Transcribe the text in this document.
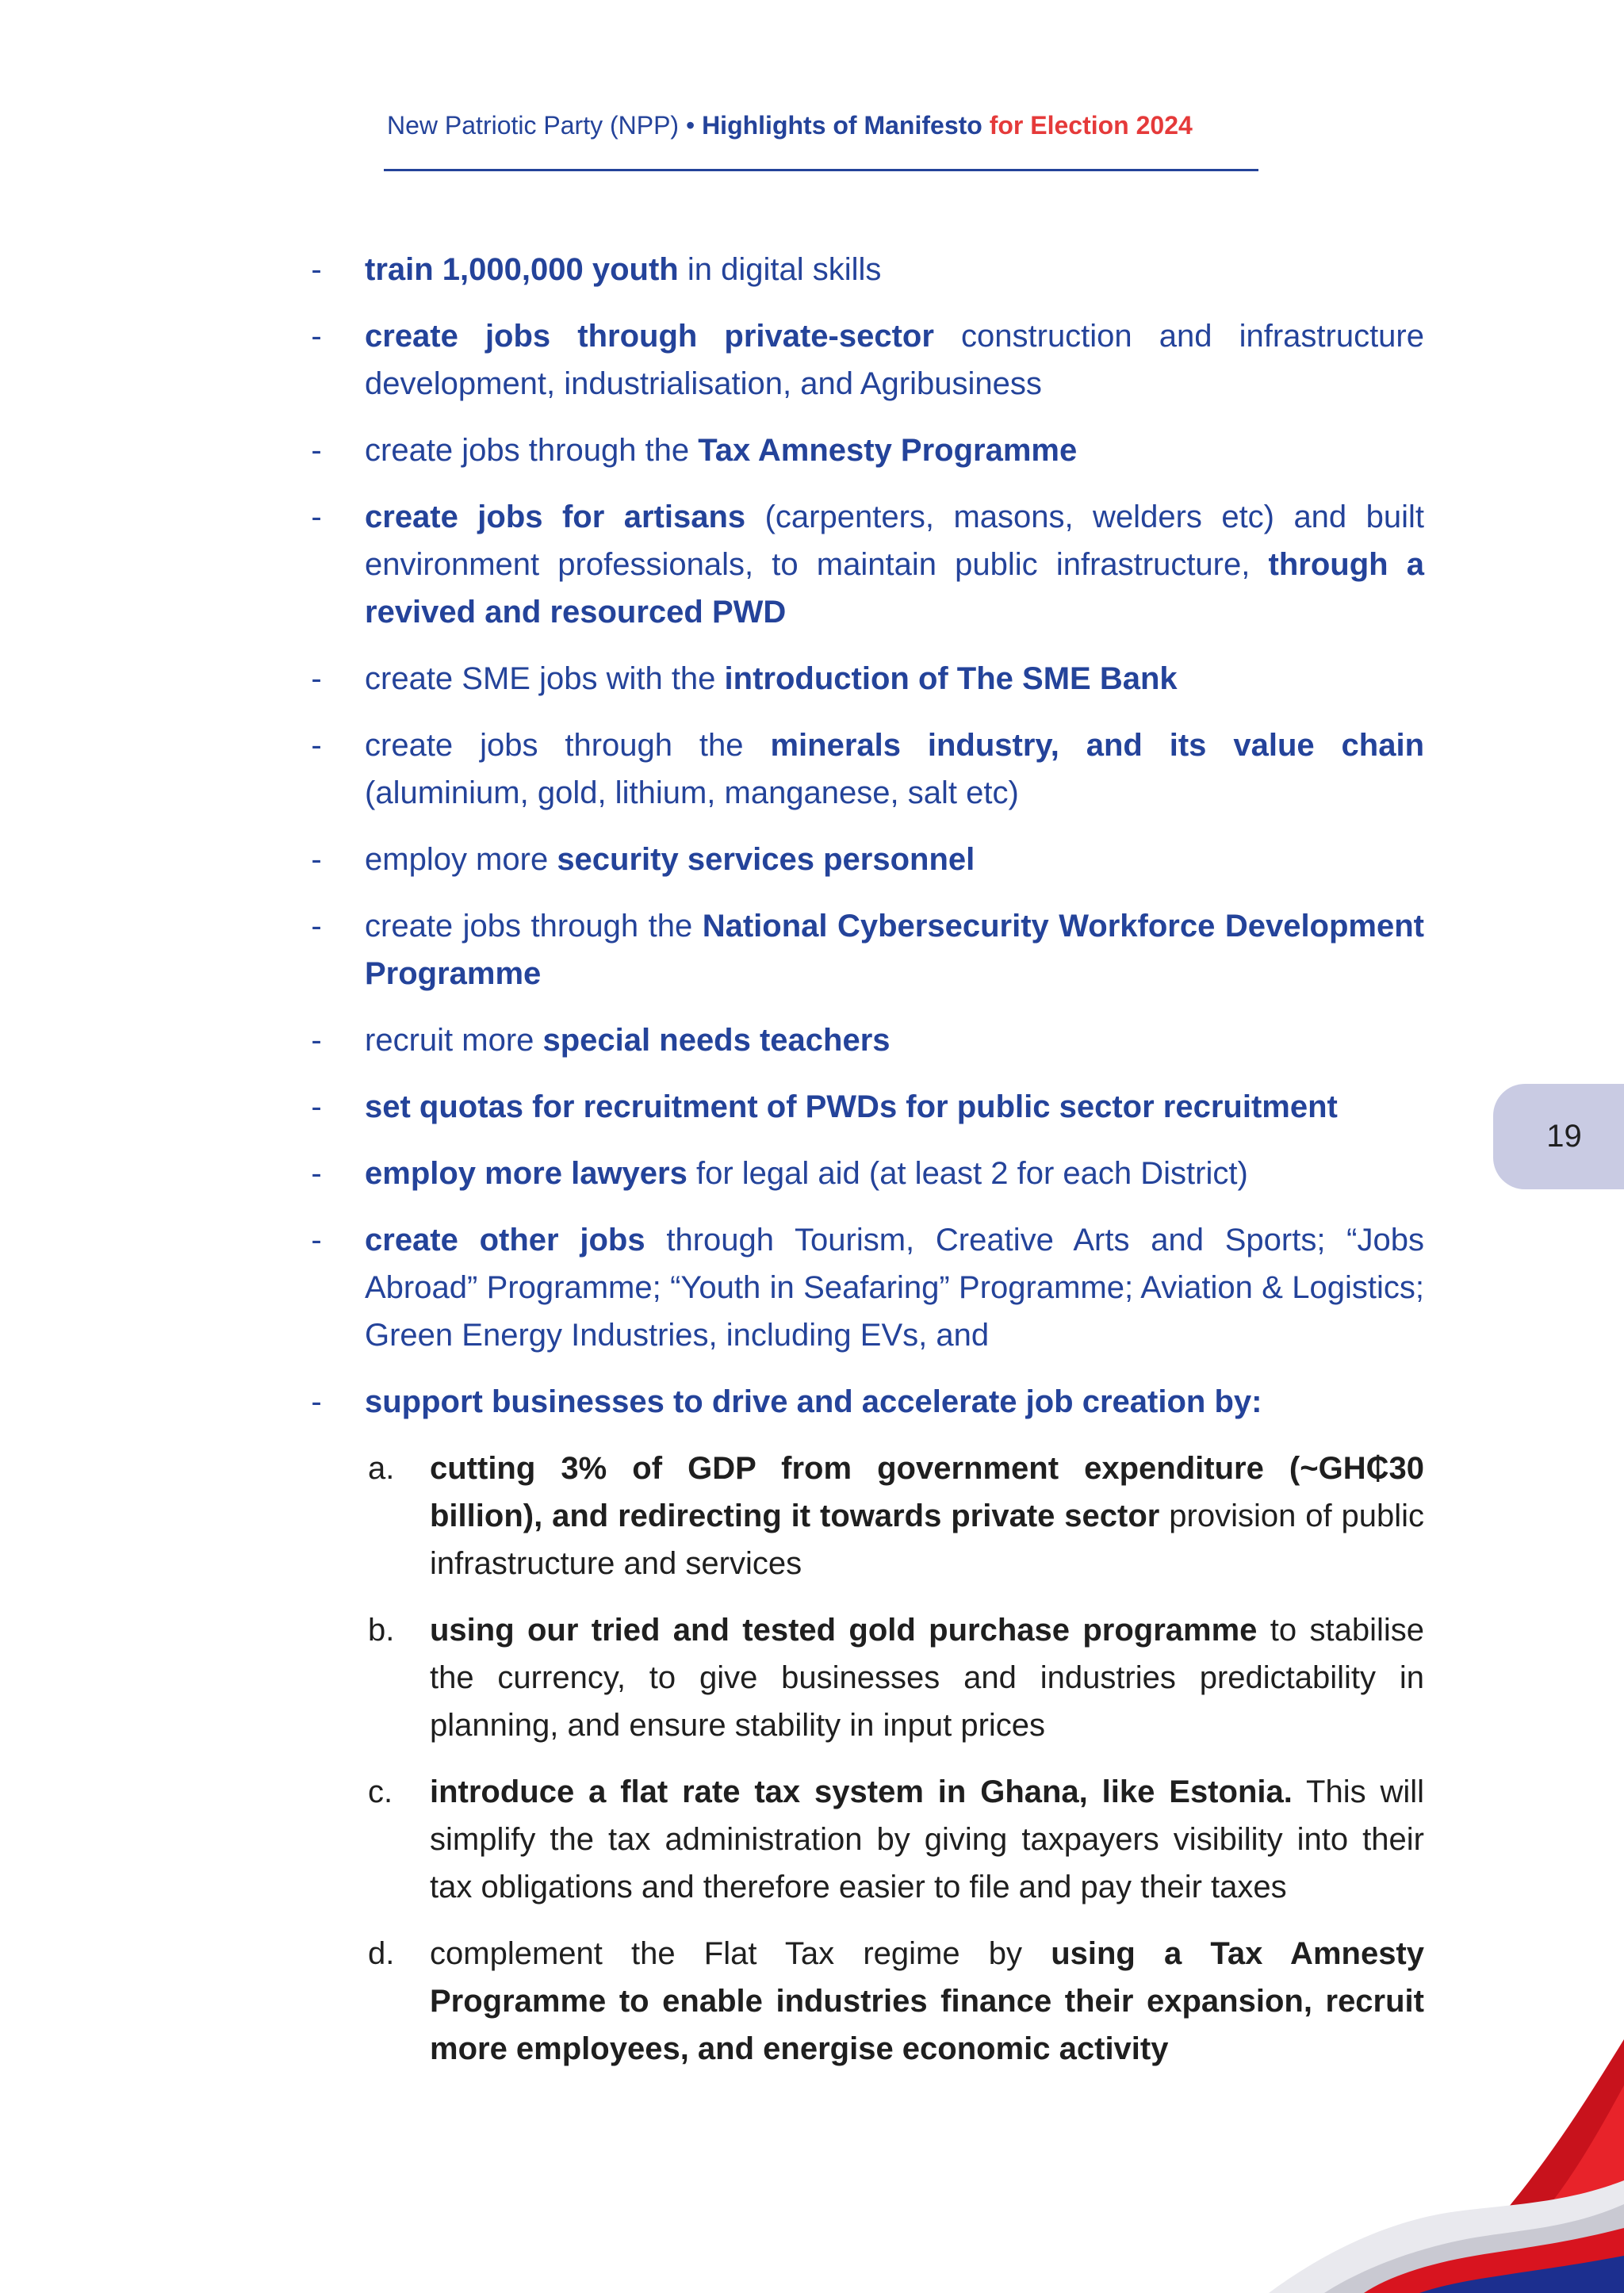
New Patriotic Party (NPP) • Highlights of Manifesto for Election 2024
- train 1,000,000 youth in digital skills
- create jobs through private-sector construction and infrastructure development, industrialisation, and Agribusiness
- create jobs through the Tax Amnesty Programme
- create jobs for artisans (carpenters, masons, welders etc) and built environment professionals, to maintain public infrastructure, through a revived and resourced PWD
- create SME jobs with the introduction of The SME Bank
- create jobs through the minerals industry, and its value chain (aluminium, gold, lithium, manganese, salt etc)
- employ more security services personnel
- create jobs through the National Cybersecurity Workforce Development Programme
- recruit more special needs teachers
- set quotas for recruitment of PWDs for public sector recruitment
- employ more lawyers for legal aid (at least 2 for each District)
- create other jobs through Tourism, Creative Arts and Sports; “Jobs Abroad” Programme; “Youth in Seafaring” Programme; Aviation & Logistics; Green Energy Industries, including EVs, and
- support businesses to drive and accelerate job creation by:
a. cutting 3% of GDP from government expenditure (~GH₵30 billion), and redirecting it towards private sector provision of public infrastructure and services
b. using our tried and tested gold purchase programme to stabilise the currency, to give businesses and industries predictability in planning, and ensure stability in input prices
c. introduce a flat rate tax system in Ghana, like Estonia. This will simplify the tax administration by giving taxpayers visibility into their tax obligations and therefore easier to file and pay their taxes
d. complement the Flat Tax regime by using a Tax Amnesty Programme to enable industries finance their expansion, recruit more employees, and energise economic activity
19
